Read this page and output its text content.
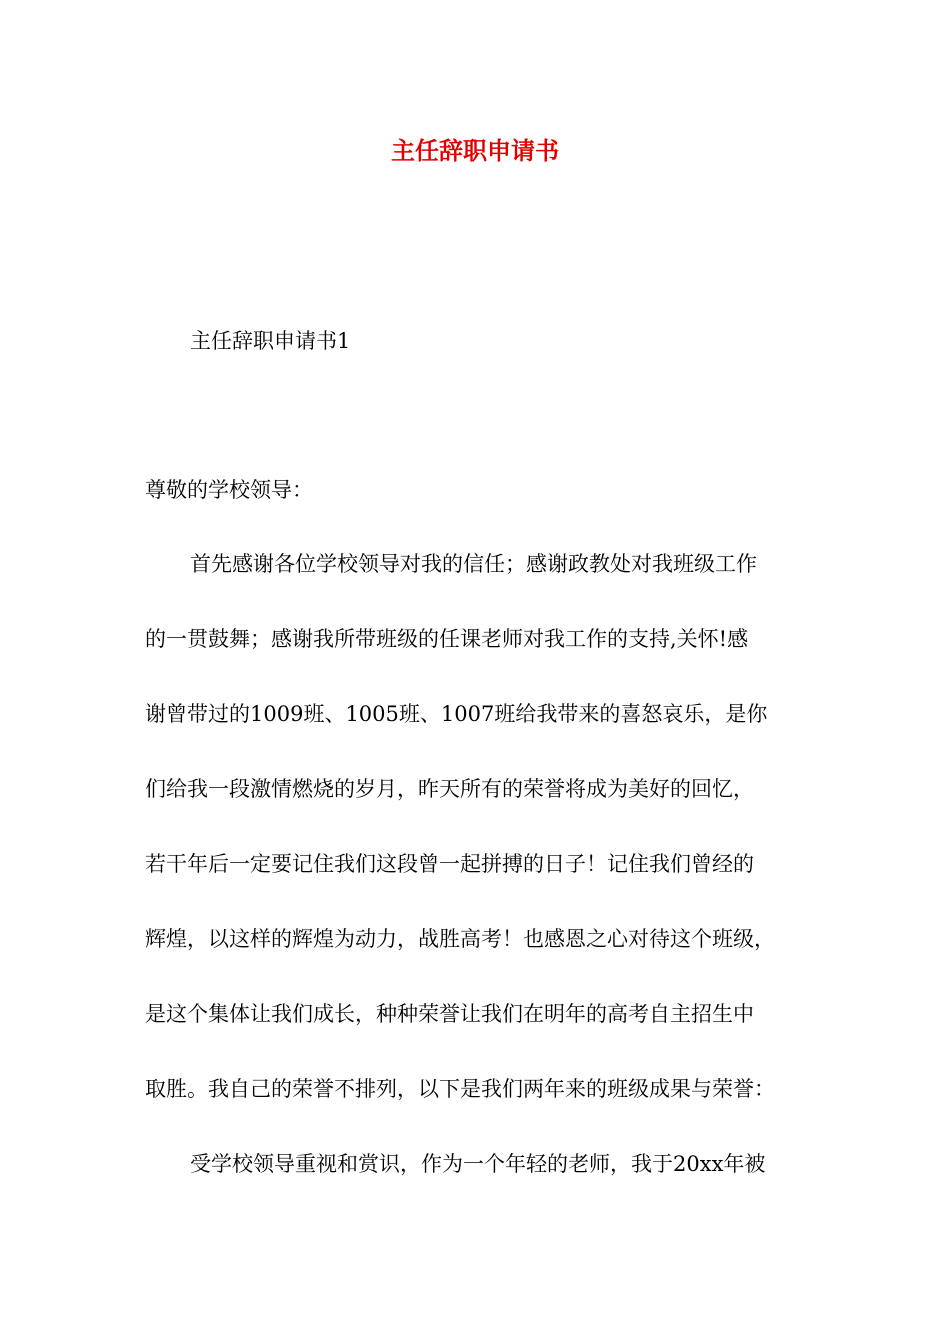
主任辞职申请书

主任辞职申请书1

尊敬的学校领导：

首先感谢各位学校领导对我的信任；感谢政教处对我班级工作

的一贯鼓舞；感谢我所带班级的任课老师对我工作的支持,关怀!感

谢曾带过的1009班、1005班、1007班给我带来的喜怒哀乐，是你

们给我一段激情燃烧的岁月，昨天所有的荣誉将成为美好的回忆，

若干年后一定要记住我们这段曾一起拼搏的日子！记住我们曾经的

辉煌，以这样的辉煌为动力，战胜高考！也感恩之心对待这个班级，

是这个集体让我们成长，种种荣誉让我们在明年的高考自主招生中

取胜。我自己的荣誉不排列，以下是我们两年来的班级成果与荣誉：

受学校领导重视和赏识，作为一个年轻的老师，我于20xx年被
